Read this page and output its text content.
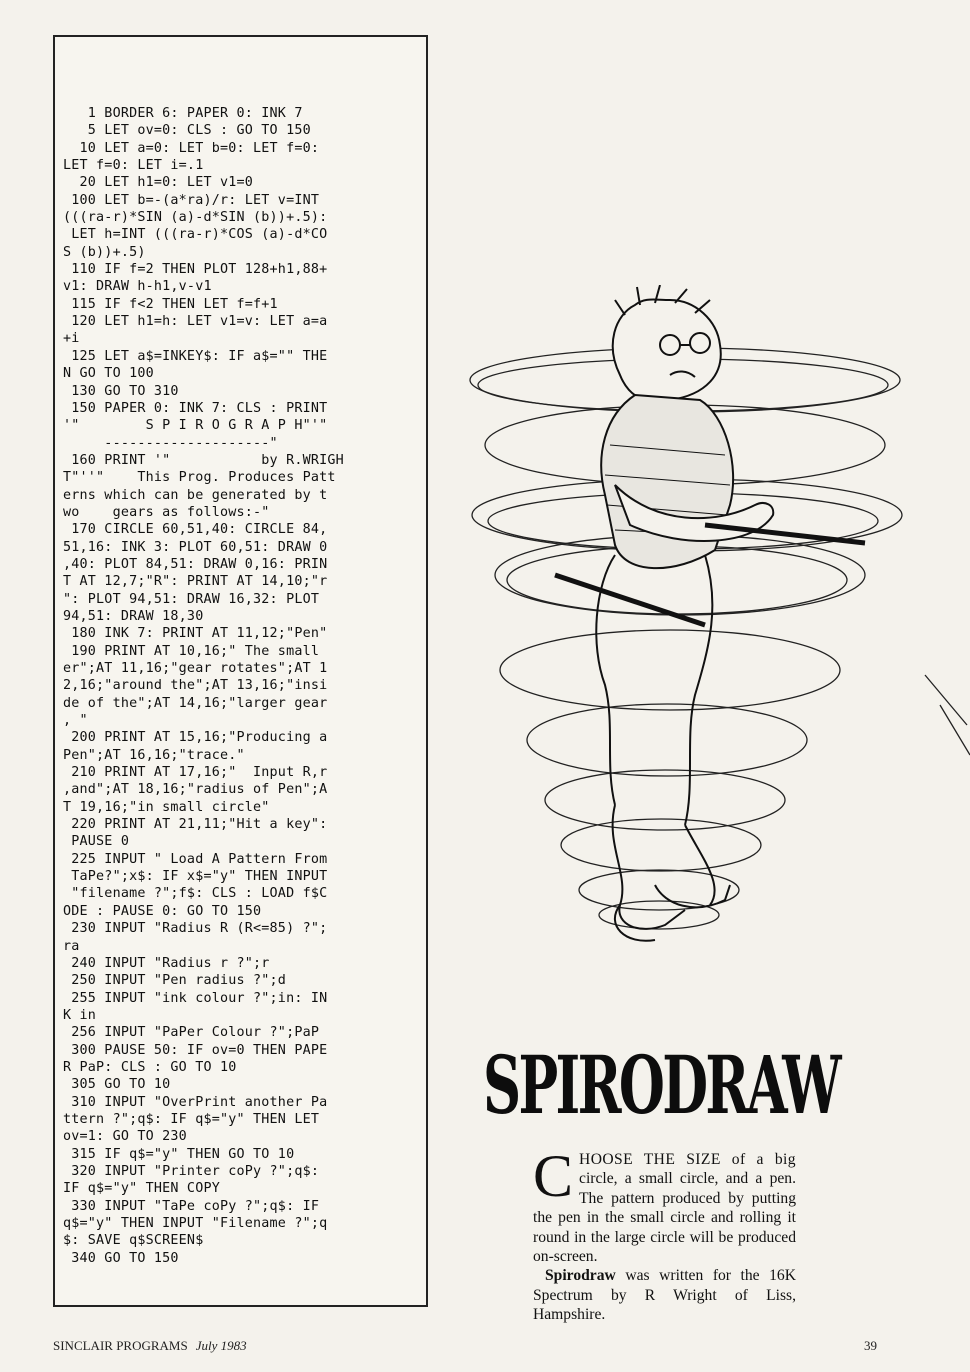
1 BORDER 6: PAPER 0: INK 7
5 LET ov=0: CLS : GO TO 150
10 LET a=0: LET b=0: LET f=0:
LET f=0: LET i=.1
20 LET h1=0: LET v1=0
100 LET b=-(a*ra)/r: LET v=INT
(((ra-r)*SIN (a)-d*SIN (b))+.5):
LET h=INT (((ra-r)*COS (a)-d*CO
S (b))+.5)
110 IF f=2 THEN PLOT 128+h1,88+
v1: DRAW h-h1,v-v1
115 IF f<2 THEN LET f=f+1
120 LET h1=h: LET v1=v: LET a=a
+i
125 LET a$=INKEY$: IF a$="" THE
N GO TO 100
130 GO TO 310
150 PAPER 0: INK 7: CLS : PRINT
'"        S P I R O G R A P H"'"
--------------------"
160 PRINT '"           by R.WRIGH
T"''"    This Prog. Produces Patt
erns which can be generated by t
wo    gears as follows:-"
170 CIRCLE 60,51,40: CIRCLE 84,
51,16: INK 3: PLOT 60,51: DRAW 0
,40: PLOT 84,51: DRAW 0,16: PRIN
T AT 12,7;"R": PRINT AT 14,10;"r
": PLOT 94,51: DRAW 16,32: PLOT
94,51: DRAW 18,30
180 INK 7: PRINT AT 11,12;"Pen"
190 PRINT AT 10,16;" The small
er";AT 11,16;"gear rotates";AT 1
2,16;"around the";AT 13,16;"insi
de of the";AT 14,16;"larger gear
, "
200 PRINT AT 15,16;"Producing a
Pen";AT 16,16;"trace."
210 PRINT AT 17,16;"  Input R,r
,and";AT 18,16;"radius of Pen";A
T 19,16;"in small circle"
220 PRINT AT 21,11;"Hit a key":
PAUSE 0
225 INPUT " Load A Pattern From
TaPe?";x$: IF x$="y" THEN INPUT
"filename ?";f$: CLS : LOAD f$C
ODE : PAUSE 0: GO TO 150
230 INPUT "Radius R (R<=85) ?";
ra
240 INPUT "Radius r ?";r
250 INPUT "Pen radius ?";d
255 INPUT "ink colour ?";in: IN
K in
256 INPUT "PaPer Colour ?";PaP
300 PAUSE 50: IF ov=0 THEN PAPE
R PaP: CLS : GO TO 10
305 GO TO 10
310 INPUT "OverPrint another Pa
ttern ?";q$: IF q$="y" THEN LET
ov=1: GO TO 230
315 IF q$="y" THEN GO TO 10
320 INPUT "Printer coPy ?";q$:
IF q$="y" THEN COPY
330 INPUT "TaPe coPy ?";q$: IF
q$="y" THEN INPUT "Filename ?";q
$: SAVE q$SCREEN$
340 GO TO 150
SPIRODRAW

CHOOSE THE SIZE of a big circle, a small circle, and a pen. The pattern produced by putting the pen in the small circle and rolling it round in the large circle will be produced on-screen.

Spirodraw was written for the 16K Spectrum by R Wright of Liss, Hampshire.

SINCLAIR PROGRAMS July 1983	39
